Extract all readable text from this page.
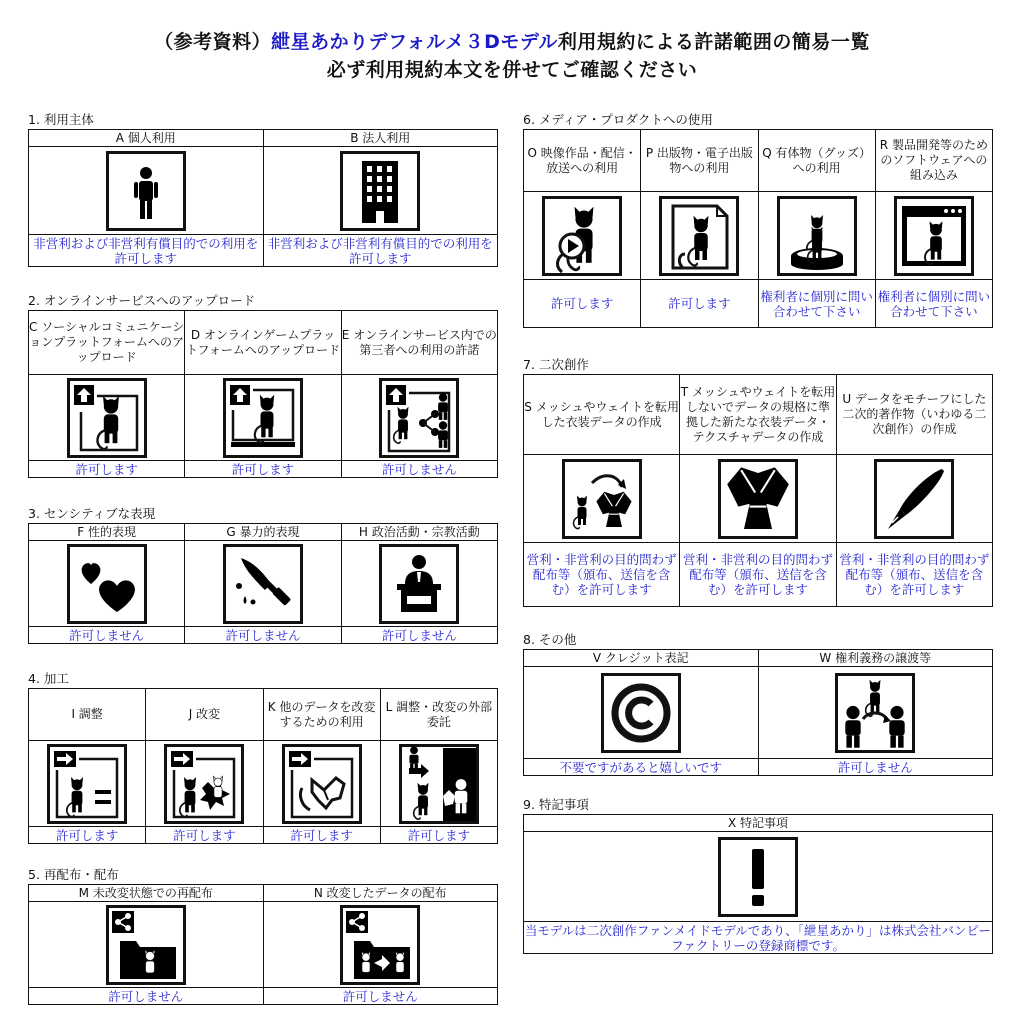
（参考資料）紲星あかりデフォルメ３Dモデル利用規約による許諾範囲の簡易一覧
必ず利用規約本文を併せてご確認ください
1. 利用主体
A 個人利用	B 法人利用

非営利および非営利有償目的での利用を許可します	非営利および非営利有償目的での利用を許可します
2. オンラインサービスへのアップロード
C ソーシャルコミュニケーションプラットフォームへのアップロード	D オンラインゲームプラットフォームへのアップロード	E オンラインサービス内での第三者への利用の許諾

許可します	許可します	許可しません
3. センシティブな表現
F 性的表現	G 暴力的表現	H 政治活動・宗教活動

許可しません	許可しません	許可しません
4. 加工
I 調整	J 改変	K 他のデータを改変するための利用	L 調整・改変の外部委託

許可します	許可します	許可します	許可します
5. 再配布・配布
M 未改変状態での再配布	N 改変したデータの配布

許可しません	許可しません
6. メディア・プロダクトへの使用
O 映像作品・配信・放送への利用	P 出版物・電子出版物への利用	Q 有体物（グッズ）への利用	R 製品開発等のためのソフトウェアへの組み込み

許可します	許可します	権利者に個別に問い合わせて下さい	権利者に個別に問い合わせて下さい
7. 二次創作
S メッシュやウェイトを転用した衣装データの作成	T メッシュやウェイトを転用しないでデータの規格に準拠した新たな衣装データ・テクスチャデータの作成	U データをモチーフにした二次的著作物（いわゆる二次創作）の作成

営利・非営利の目的問わず配布等（頒布、送信を含む）を許可します	営利・非営利の目的問わず配布等（頒布、送信を含む）を許可します	営利・非営利の目的問わず配布等（頒布、送信を含む）を許可します
8. その他
V クレジット表記	W 権利義務の譲渡等

不要ですがあると嬉しいです	許可しません
9. 特記事項
X 特記事項

当モデルは二次創作ファンメイドモデルであり、「紲星あかり」は株式会社バンピーファクトリーの登録商標です。
